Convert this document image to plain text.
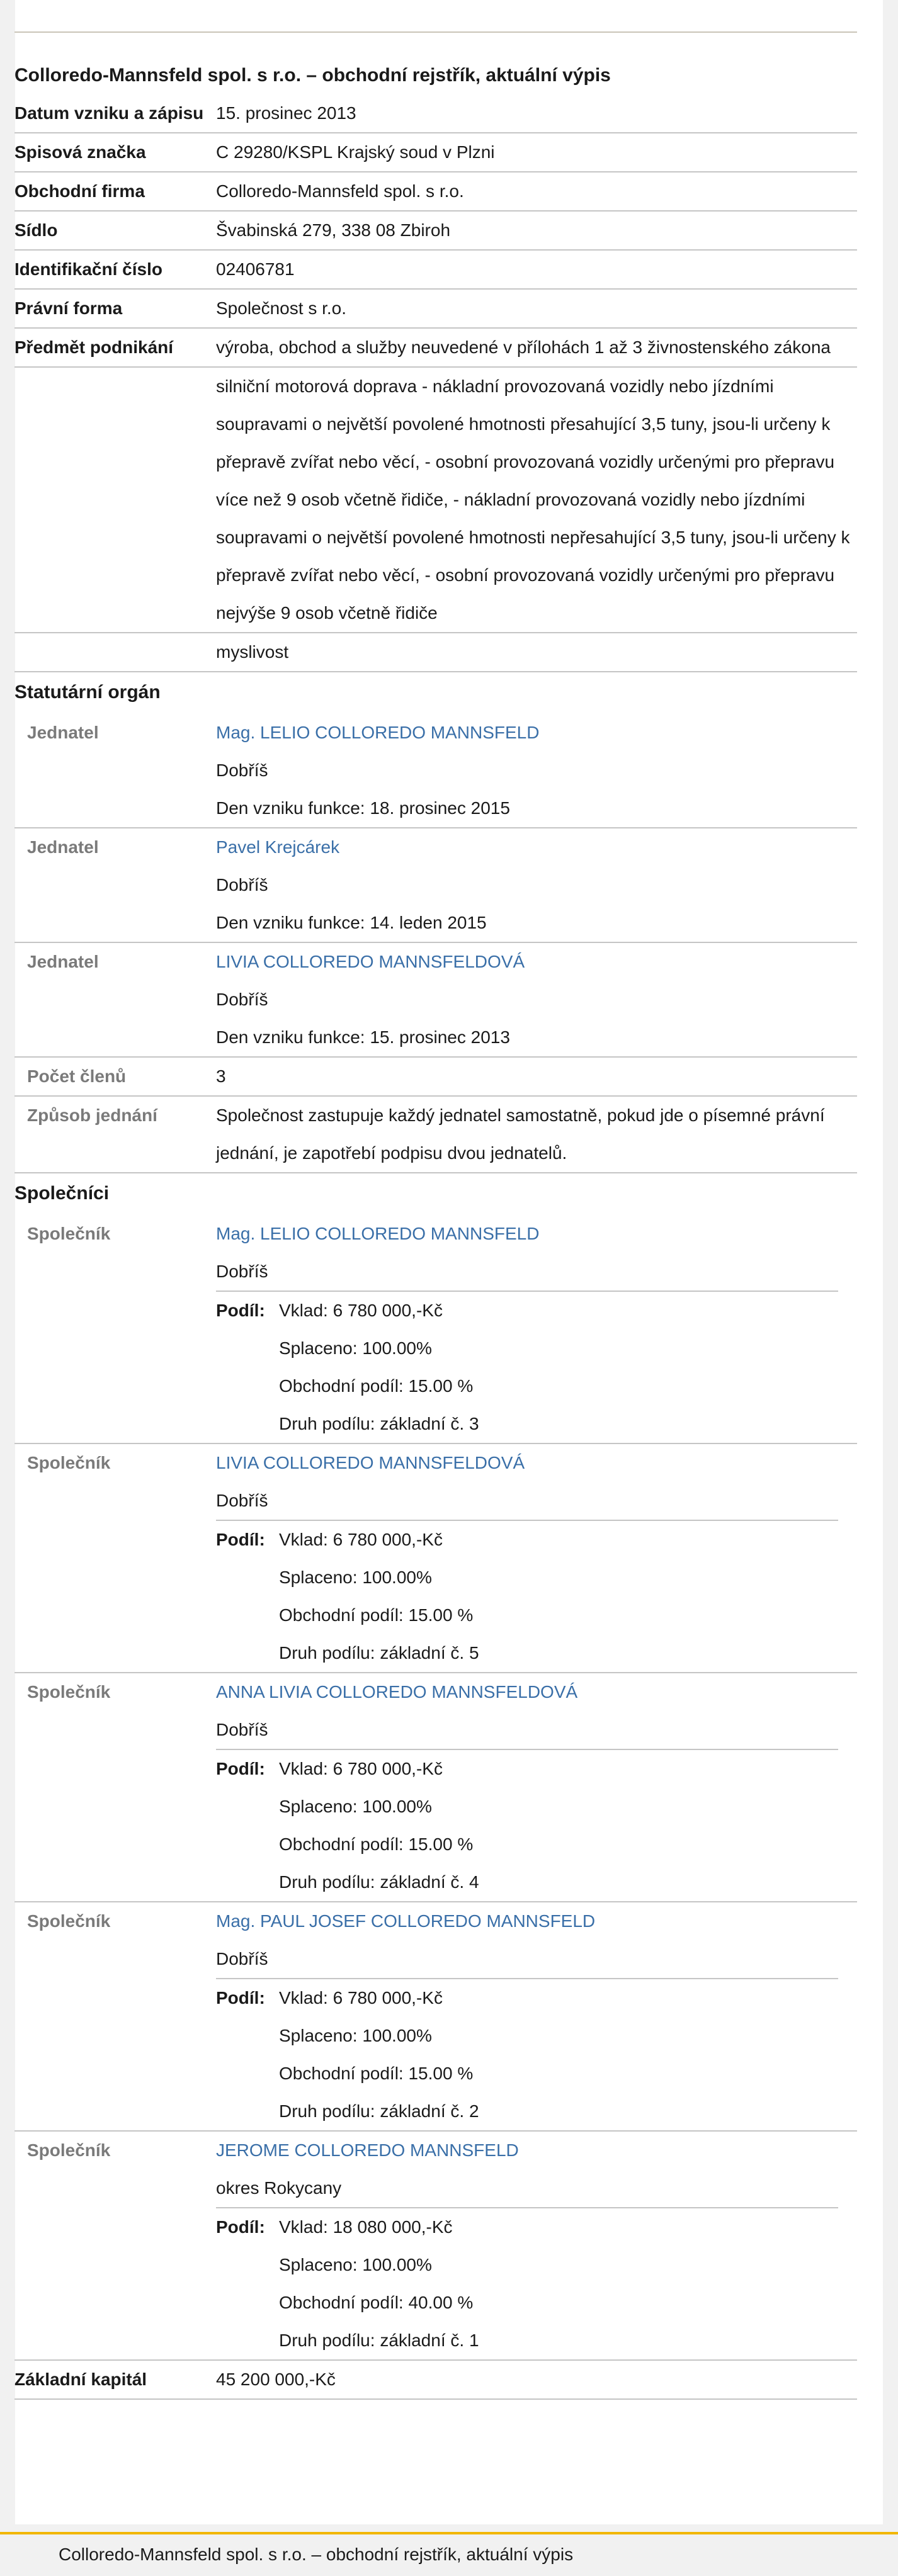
Colloredo-Mannsfeld spol. s r.o. – obchodní rejstřík, aktuální výpis
Datum vzniku a zápisu 15. prosinec 2013
Spisová značka	C 29280/KSPL Krajský soud v Plzni
Obchodní firma	Colloredo-Mannsfeld spol. s r.o.
Sídlo	Švabinská 279, 338 08 Zbiroh
Identifikační číslo	02406781
Právní forma	Společnost s r.o.
Předmět podnikání	výroba, obchod a služby neuvedené v přílohách 1 až 3 živnostenského zákona
silniční motorová doprava - nákladní provozovaná vozidly nebo jízdními soupravami o největší povolené hmotnosti přesahující 3,5 tuny, jsou-li určeny k přepravě zvířat nebo věcí, - osobní provozovaná vozidly určenými pro přepravu více než 9 osob včetně řidiče, - nákladní provozovaná vozidly nebo jízdními soupravami o největší povolené hmotnosti nepřesahující 3,5 tuny, jsou-li určeny k přepravě zvířat nebo věcí, - osobní provozovaná vozidly určenými pro přepravu nejvýše 9 osob včetně řidiče
myslivost
Statutární orgán
Jednatel	Mag. LELIO COLLOREDO MANNSFELD

Dobříš

Den vzniku funkce: 18. prosinec 2015

Jednatel	Pavel Krejcárek

Dobříš

Den vzniku funkce: 14. leden 2015

Jednatel	LIVIA COLLOREDO MANNSFELDOVÁ

Dobříš

Den vzniku funkce: 15. prosinec 2013

Počet členů	3
Způsob jednání	Společnost zastupuje každý jednatel samostatně, pokud jde o písemné právní jednání, je zapotřebí podpisu dvou jednatelů.
Společníci
Společník	Mag. LELIO COLLOREDO MANNSFELD

Dobříš

Podíl: Vklad: 6 780 000,-Kč

Splaceno: 100.00%

Obchodní podíl: 15.00 %

Druh podílu: základní č. 3

Společník	LIVIA COLLOREDO MANNSFELDOVÁ

Dobříš

Podíl: Vklad: 6 780 000,-Kč

Splaceno: 100.00%

Obchodní podíl: 15.00 %

Druh podílu: základní č. 5

Společník	ANNA LIVIA COLLOREDO MANNSFELDOVÁ

Dobříš

Podíl: Vklad: 6 780 000,-Kč

Splaceno: 100.00%

Obchodní podíl: 15.00 %

Druh podílu: základní č. 4

Společník	Mag. PAUL JOSEF COLLOREDO MANNSFELD

Dobříš

Podíl: Vklad: 6 780 000,-Kč

Splaceno: 100.00%

Obchodní podíl: 15.00 %

Druh podílu: základní č. 2

Společník	JEROME COLLOREDO MANNSFELD

okres Rokycany

Podíl: Vklad: 18 080 000,-Kč

Splaceno: 100.00%

Obchodní podíl: 40.00 %

Druh podílu: základní č. 1

Základní kapitál	45 200 000,-Kč
Colloredo-Mannsfeld spol. s r.o. – obchodní rejstřík, aktuální výpis
